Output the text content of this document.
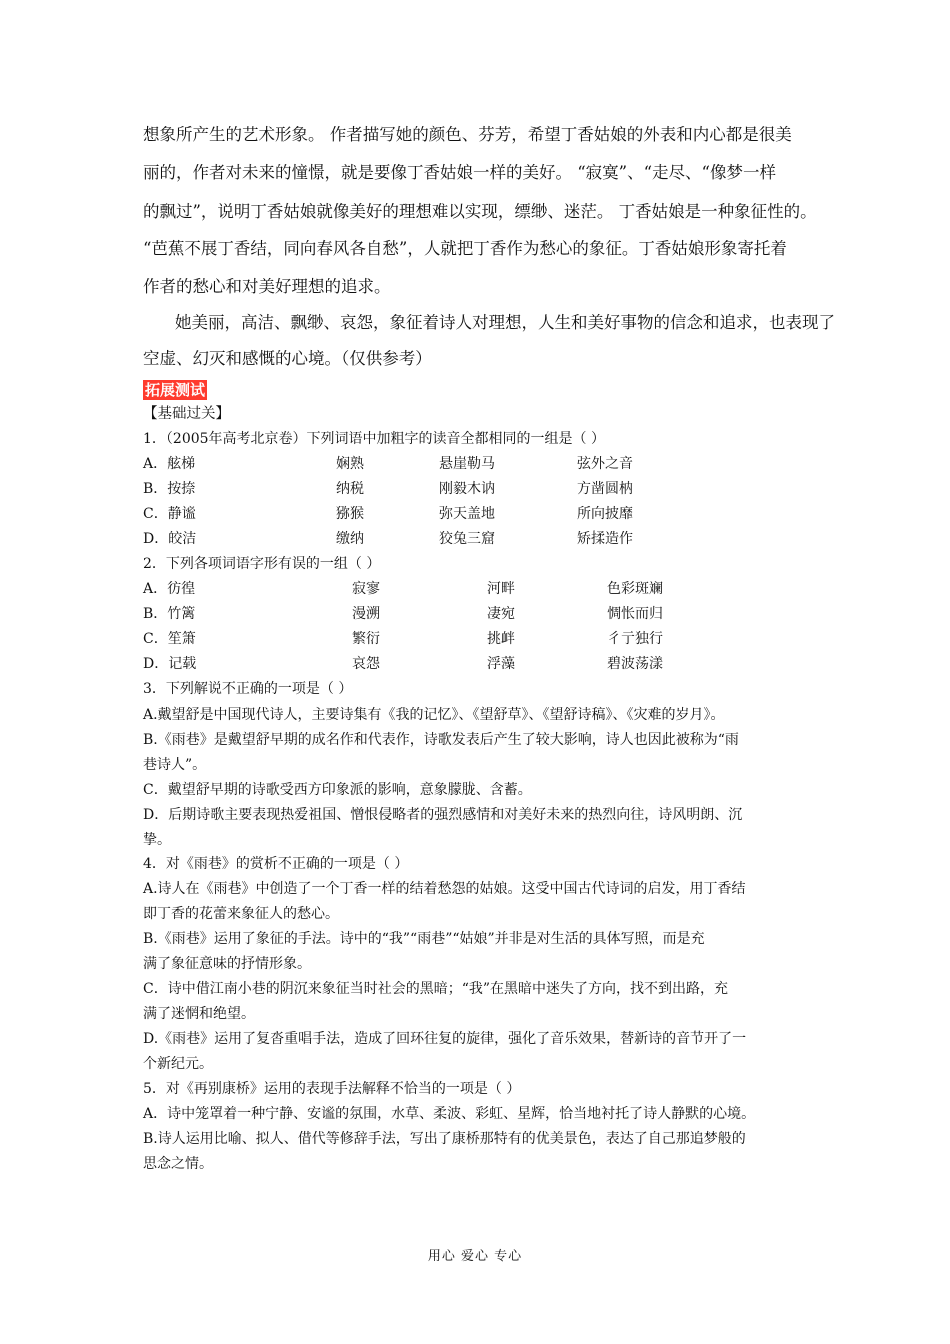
想象所产生的艺术形象。 作者描写她的颜色、芬芳，希望丁香姑娘的外表和内心都是很美

丽的，作者对未来的憧憬，就是要像丁香姑娘一样的美好。 “寂寞”、“走尽、“像梦一样

的飘过”，说明丁香姑娘就像美好的理想难以实现，缥缈、迷茫。 丁香姑娘是一种象征性的。

“芭蕉不展丁香结，同向春风各自愁”，人就把丁香作为愁心的象征。丁香姑娘形象寄托着

作者的愁心和对美好理想的追求。

她美丽，高洁、飘缈、哀怨，象征着诗人对理想，人生和美好事物的信念和追求，也表现了

空虚、幻灭和感慨的心境。（仅供参考）

拓展测试
【基础过关】

1．（2005年高考北京卷）下列词语中加粗字的读音全都相同的一组是（ ）

A．舷梯	娴熟	悬崖勒马	弦外之音
B．按捺	纳税	刚毅木讷	方凿圆枘
C．静谧	猕猴	弥天盖地	所向披靡
D．皎洁	缴纳	狡兔三窟	矫揉造作

2．下列各项词语字形有误的一组（ ）

A．彷徨	寂寥	河畔	色彩斑斓
B．竹篱	漫溯	凄宛	惆怅而归
C．笙箫	繁衍	挑衅	彳亍独行
D．记载	哀怨	浮藻	碧波荡漾

3．下列解说不正确的一项是（ ）

A.戴望舒是中国现代诗人，主要诗集有《我的记忆》、《望舒草》、《望舒诗稿》、《灾难的岁月》。

B.《雨巷》是戴望舒早期的成名作和代表作，诗歌发表后产生了较大影响，诗人也因此被称为“雨

巷诗人”。

C．戴望舒早期的诗歌受西方印象派的影响，意象朦胧、含蓄。

D．后期诗歌主要表现热爱祖国、憎恨侵略者的强烈感情和对美好未来的热烈向往，诗风明朗、沉

挚。

4．对《雨巷》的赏析不正确的一项是（ ）

A.诗人在《雨巷》中创造了一个丁香一样的结着愁怨的姑娘。这受中国古代诗词的启发，用丁香结

即丁香的花蕾来象征人的愁心。

B.《雨巷》运用了象征的手法。诗中的“我”“雨巷”“姑娘”并非是对生活的具体写照，而是充

满了象征意味的抒情形象。

C．诗中借江南小巷的阴沉来象征当时社会的黑暗；“我”在黑暗中迷失了方向，找不到出路，充

满了迷惘和绝望。

D.《雨巷》运用了复沓重唱手法，造成了回环往复的旋律，强化了音乐效果，替新诗的音节开了一

个新纪元。

5．对《再别康桥》运用的表现手法解释不恰当的一项是（ ）

A．诗中笼罩着一种宁静、安谧的氛围，水草、柔波、彩虹、星辉，恰当地衬托了诗人静默的心境。

B.诗人运用比喻、拟人、借代等修辞手法，写出了康桥那特有的优美景色，表达了自己那追梦般的

思念之情。

用心 爱心 专心
